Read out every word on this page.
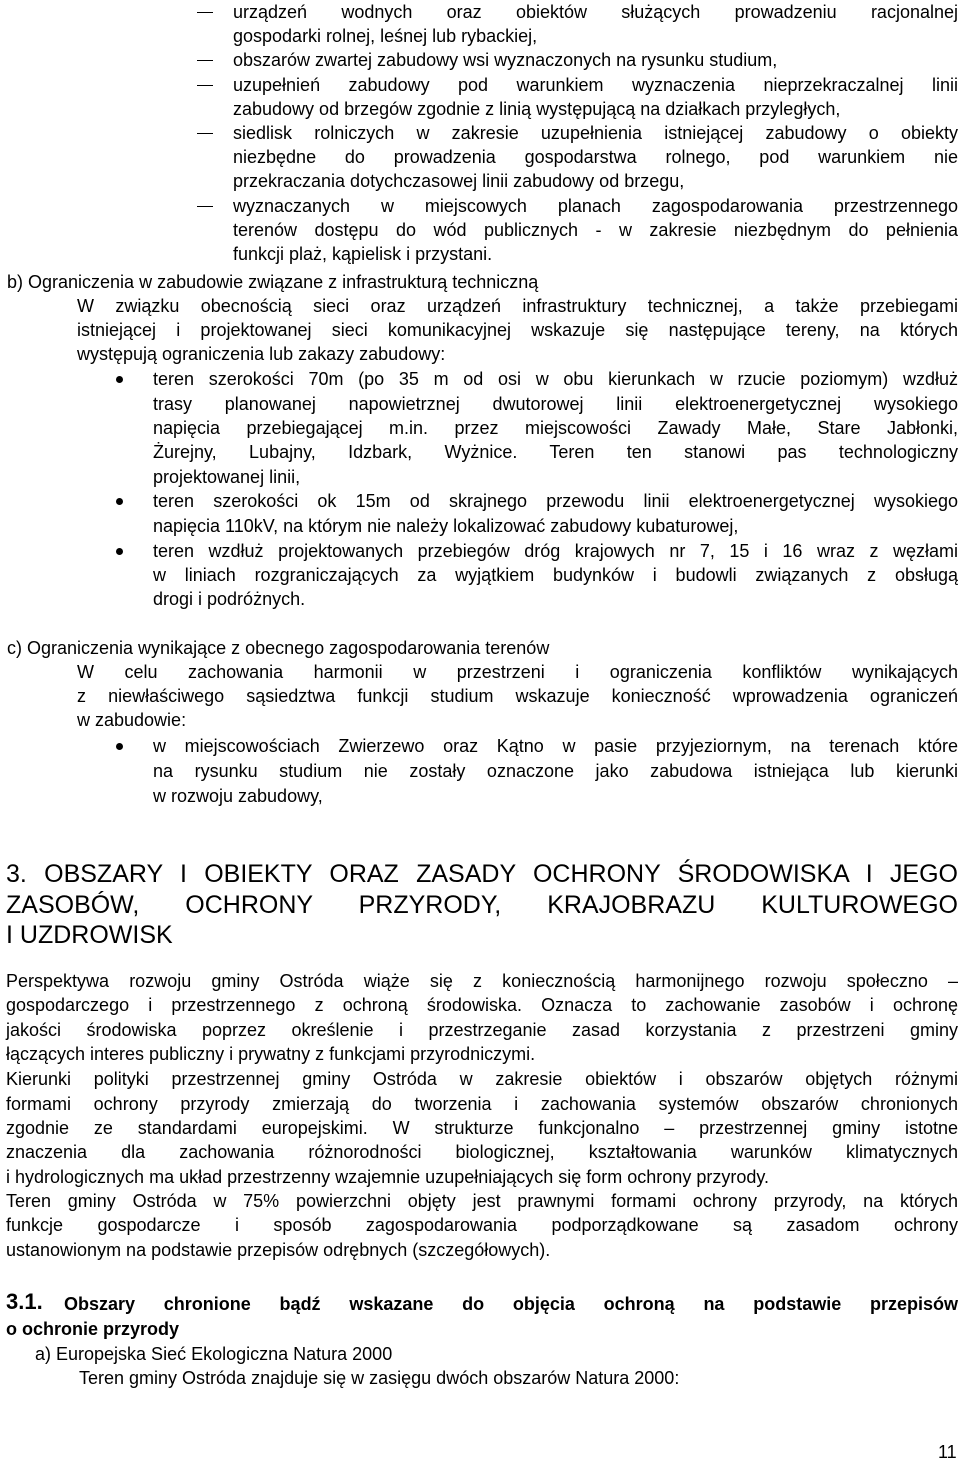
urządzeń wodnych oraz obiektów służących prowadzeniu racjonalnej
gospodarki rolnej, leśnej lub rybackiej,
obszarów zwartej zabudowy wsi wyznaczonych na rysunku studium,
uzupełnień zabudowy pod warunkiem wyznaczenia nieprzekraczalnej linii
zabudowy od brzegów zgodnie z linią występującą na działkach przyległych,
siedlisk rolniczych w zakresie uzupełnienia istniejącej zabudowy o obiekty
niezbędne do prowadzenia gospodarstwa rolnego, pod warunkiem nie
przekraczania dotychczasowej linii zabudowy od brzegu,
wyznaczanych w miejscowych planach zagospodarowania przestrzennego
terenów dostępu do wód publicznych - w zakresie niezbędnym do pełnienia
funkcji plaż, kąpielisk i przystani.
b) Ograniczenia w zabudowie związane z infrastrukturą techniczną
W związku obecnością sieci oraz urządzeń infrastruktury technicznej, a także przebiegami
istniejącej i projektowanej sieci komunikacyjnej wskazuje się następujące tereny, na których
występują ograniczenia lub zakazy zabudowy:
teren szerokości 70m (po 35 m od osi w obu kierunkach w rzucie poziomym) wzdłuż
trasy planowanej napowietrznej dwutorowej linii elektroenergetycznej wysokiego
napięcia przebiegającej m.in. przez miejscowości Zawady Małe, Stare Jabłonki,
Żurejny, Lubajny, Idzbark, Wyżnice. Teren ten stanowi pas technologiczny
projektowanej linii,
teren szerokości ok 15m od skrajnego przewodu linii elektroenergetycznej wysokiego
napięcia 110kV, na którym nie należy lokalizować zabudowy kubaturowej,
teren wzdłuż projektowanych przebiegów dróg krajowych nr 7, 15 i 16 wraz z węzłami
w liniach rozgraniczających za wyjątkiem budynków i budowli związanych z obsługą
drogi i podróżnych.
c) Ograniczenia wynikające z obecnego zagospodarowania terenów
W celu zachowania harmonii w przestrzeni i ograniczenia konfliktów wynikających
z niewłaściwego sąsiedztwa funkcji studium wskazuje konieczność wprowadzenia ograniczeń
w zabudowie:
w miejscowościach Zwierzewo oraz Kątno w pasie przyjeziornym, na terenach które
na rysunku studium nie zostały oznaczone jako zabudowa istniejąca lub kierunki
w rozwoju zabudowy,
3. OBSZARY I OBIEKTY ORAZ ZASADY OCHRONY ŚRODOWISKA I JEGO
ZASOBÓW, OCHRONY PRZYRODY, KRAJOBRAZU KULTUROWEGO
I UZDROWISK
Perspektywa rozwoju gminy Ostróda wiąże się z koniecznością harmonijnego rozwoju społeczno –
gospodarczego i przestrzennego z ochroną środowiska. Oznacza to zachowanie zasobów i ochronę
jakości środowiska poprzez określenie i przestrzeganie zasad korzystania z przestrzeni gminy
łączących interes publiczny i prywatny z funkcjami przyrodniczymi.
Kierunki polityki przestrzennej gminy Ostróda w zakresie obiektów i obszarów objętych różnymi
formami ochrony przyrody zmierzają do tworzenia i zachowania systemów obszarów chronionych
zgodnie ze standardami europejskimi. W strukturze funkcjonalno – przestrzennej gminy istotne
znaczenia dla zachowania różnorodności biologicznej, kształtowania warunków klimatycznych
i hydrologicznych ma układ przestrzenny wzajemnie uzupełniających się form ochrony przyrody.
Teren gminy Ostróda w 75% powierzchni objęty jest prawnymi formami ochrony przyrody, na których
funkcje gospodarcze i sposób zagospodarowania podporządkowane są zasadom ochrony
ustanowionym na podstawie przepisów odrębnych (szczegółowych).
3.1. Obszary chronione bądź wskazane do objęcia ochroną na podstawie przepisów
o ochronie przyrody
a) Europejska Sieć Ekologiczna Natura 2000
Teren gminy Ostróda znajduje się w zasięgu dwóch obszarów Natura 2000:
11
